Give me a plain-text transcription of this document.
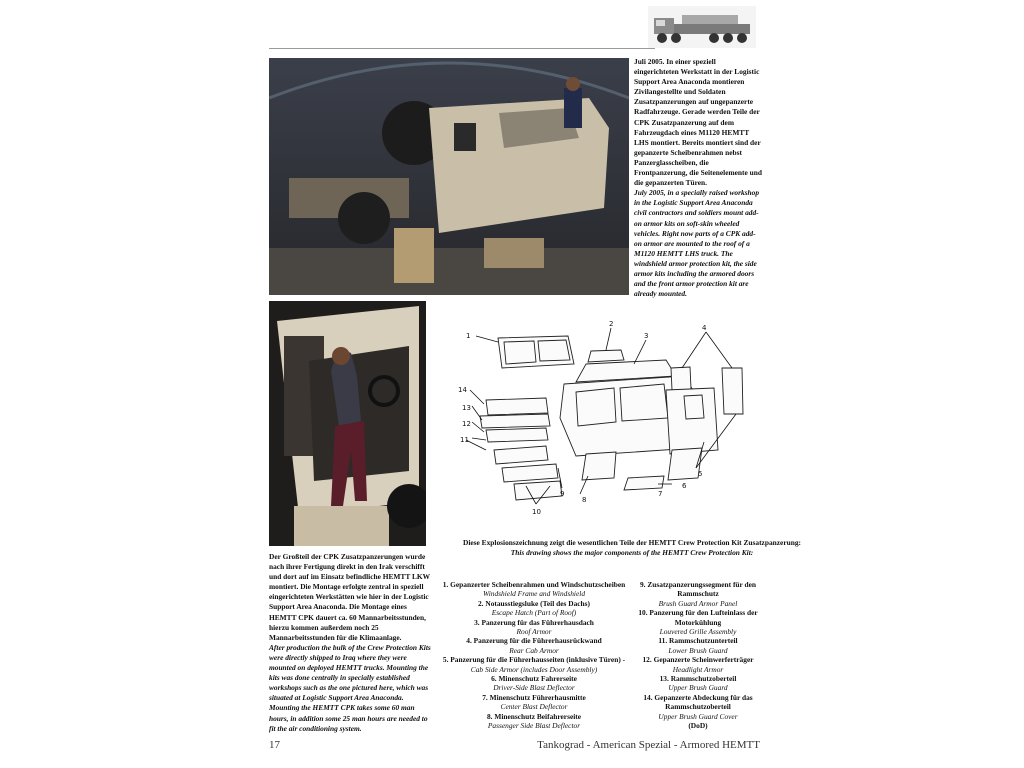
Juli 2005. In einer speziell eingerichteten Werkstatt in der Logistic Support Area Anaconda montieren Zivilangestellte und Soldaten Zusatzpanzerungen auf ungepanzerte Radfahrzeuge. Gerade werden Teile der CPK Zusatzpanzerung auf dem Fahrzeugdach eines M1120 HEMTT LHS montiert. Bereits montiert sind der gepanzerte Scheibenrahmen nebst Panzerglasscheiben, die Frontpanzerung, die Seitenelemente und die gepanzerten Türen.

July 2005, in a specially raised workshop in the Logistic Support Area Anaconda civil contractors and soldiers mount add-on armor kits on soft-skin wheeled vehicles. Right now parts of a CPK add-on armor are mounted to the roof of a M1120 HEMTT LHS truck. The windshield armor protection kit, the side armor kits including the armored doors and the front armor protection kit are already mounted.

Der Großteil der CPK Zusatzpanzerungen wurde nach ihrer Fertigung direkt in den Irak verschifft und dort auf im Einsatz befindliche HEMTT LKW montiert. Die Montage erfolgte zentral in speziell eingerichteten Werkstätten wie hier in der Logistic Support Area Anaconda. Die Montage eines HEMTT CPK dauert ca. 60 Mannarbeitsstunden, hierzu kommen außerdem noch 25 Mannarbeitsstunden für die Klimaanlage.

After production the bulk of the Crew Protection Kits were directly shipped to Iraq where they were mounted on deployed HEMTT trucks. Mounting the kits was done centrally in specially established workshops such as the one pictured here, which was situated at Logistic Support Area Anaconda. Mounting the HEMTT CPK takes some 60 man hours, in addition some 25 man hours are needed to fit the air conditioning system.

1
2
3
4
5
6
7
8
9
10
11
12
13
14
Diese Explosionszeichnung zeigt die wesentlichen Teile der HEMTT Crew Protection Kit Zusatzpanzerung:
This drawing shows the major components of the HEMTT Crew Protection Kit:
1. Gepanzerter Scheibenrahmen und Windschutzscheiben
Windshield Frame and Windshield
2. Notausstiegsluke (Teil des Dachs)
Escape Hatch (Part of Roof)
3. Panzerung für das Führerhausdach
Roof Armor
4. Panzerung für die Führerhausrückwand
Rear Cab Armor
5. Panzerung für die Führerhausseiten (inklusive Türen) -
Cab Side Armor (includes Door Assembly)
6. Minenschutz Fahrerseite
Driver-Side Blast Deflector
7. Minenschutz Führerhausmitte
Center Blast Deflector
8. Minenschutz Beifahrerseite
Passenger Side Blast Deflector
9. Zusatzpanzerungssegment für den Rammschutz
Brush Guard Armor Panel
10. Panzerung für den Lufteinlass der Motorkühlung
Louvered Grille Assembly
11. Rammschutzunterteil
Lower Brush Guard
12. Gepanzerte Scheinwerferträger
Headlight Armor
13. Rammschutzoberteil
Upper Brush Guard
14. Gepanzerte Abdeckung für das Rammschutzoberteil
Upper Brush Guard Cover
(DoD)
17	Tankograd - American Spezial - Armored HEMTT
